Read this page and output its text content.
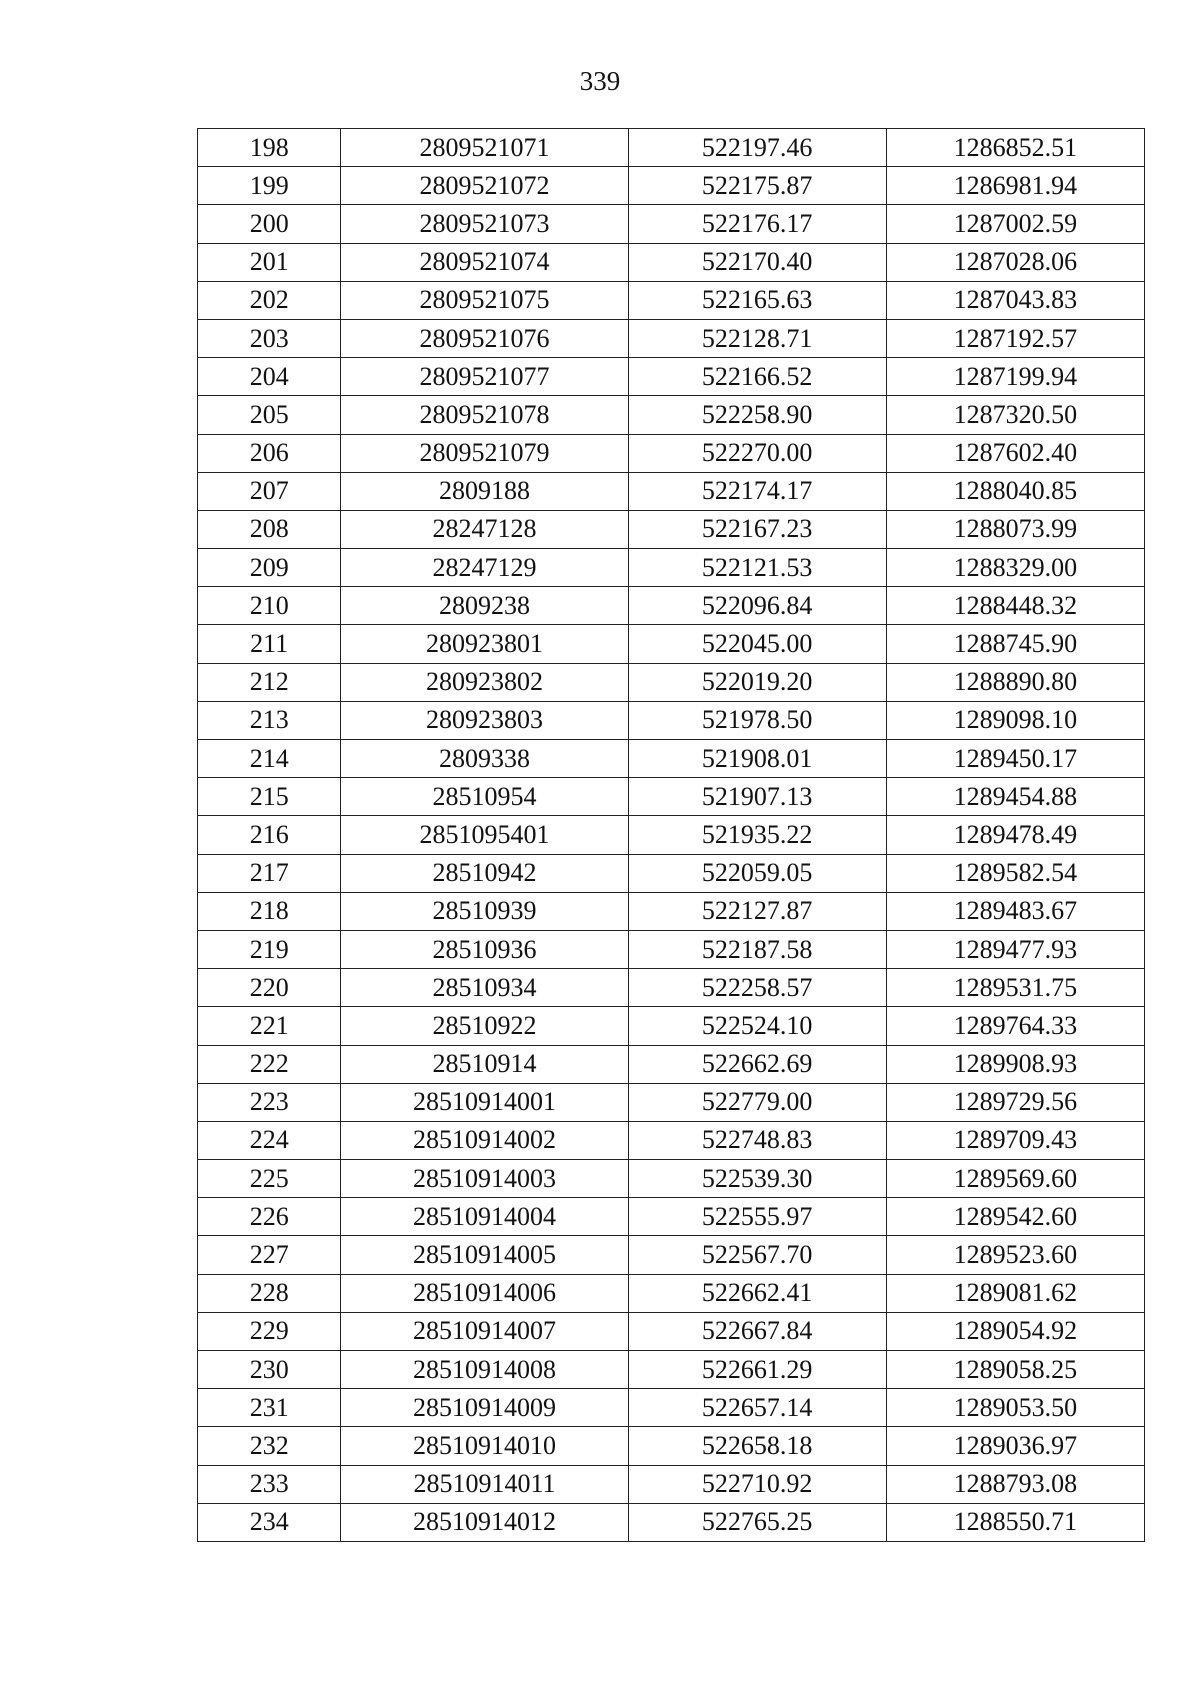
339
198	2809521071	522197.46	1286852.51
199	2809521072	522175.87	1286981.94
200	2809521073	522176.17	1287002.59
201	2809521074	522170.40	1287028.06
202	2809521075	522165.63	1287043.83
203	2809521076	522128.71	1287192.57
204	2809521077	522166.52	1287199.94
205	2809521078	522258.90	1287320.50
206	2809521079	522270.00	1287602.40
207	2809188	522174.17	1288040.85
208	28247128	522167.23	1288073.99
209	28247129	522121.53	1288329.00
210	2809238	522096.84	1288448.32
211	280923801	522045.00	1288745.90
212	280923802	522019.20	1288890.80
213	280923803	521978.50	1289098.10
214	2809338	521908.01	1289450.17
215	28510954	521907.13	1289454.88
216	2851095401	521935.22	1289478.49
217	28510942	522059.05	1289582.54
218	28510939	522127.87	1289483.67
219	28510936	522187.58	1289477.93
220	28510934	522258.57	1289531.75
221	28510922	522524.10	1289764.33
222	28510914	522662.69	1289908.93
223	28510914001	522779.00	1289729.56
224	28510914002	522748.83	1289709.43
225	28510914003	522539.30	1289569.60
226	28510914004	522555.97	1289542.60
227	28510914005	522567.70	1289523.60
228	28510914006	522662.41	1289081.62
229	28510914007	522667.84	1289054.92
230	28510914008	522661.29	1289058.25
231	28510914009	522657.14	1289053.50
232	28510914010	522658.18	1289036.97
233	28510914011	522710.92	1288793.08
234	28510914012	522765.25	1288550.71
